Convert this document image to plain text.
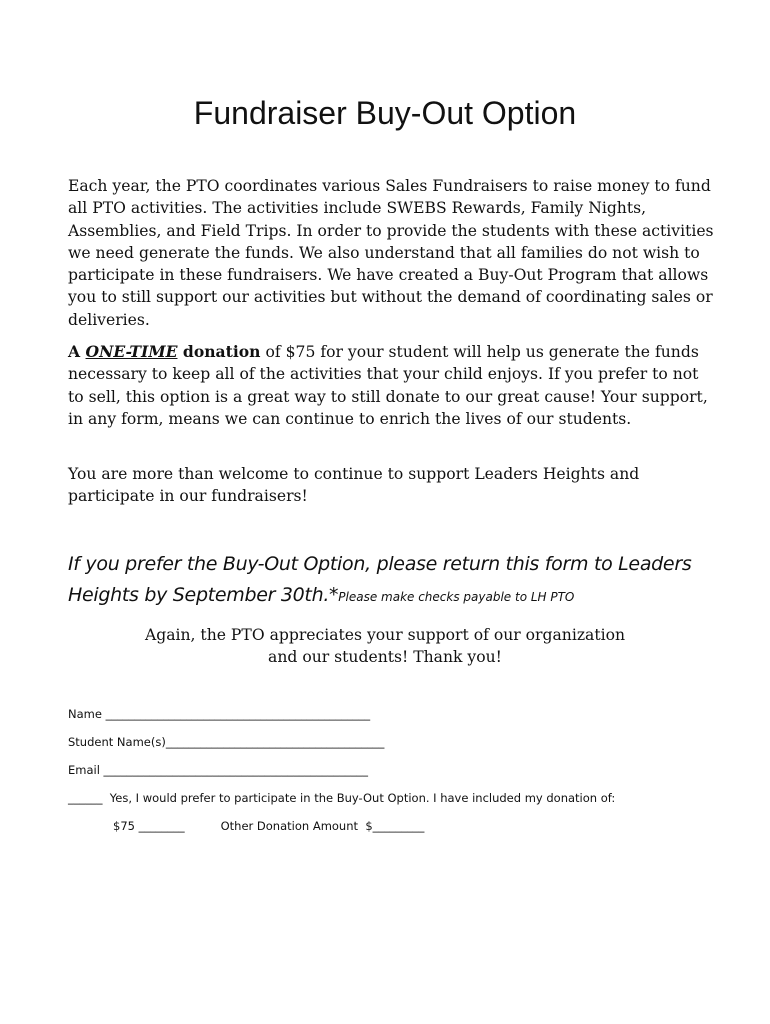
Fundraiser Buy-Out Option

Each year, the PTO coordinates various Sales Fundraisers to raise money to fund all PTO activities. The activities include SWEBS Rewards, Family Nights, Assemblies, and Field Trips. In order to provide the students with these activities we need generate the funds. We also understand that all families do not wish to participate in these fundraisers. We have created a Buy-Out Program that allows you to still support our activities but without the demand of coordinating sales or deliveries.

A ONE-TIME donation of $75 for your student will help us generate the funds necessary to keep all of the activities that your child enjoys. If you prefer to not to sell, this option is a great way to still donate to our great cause! Your support, in any form, means we can continue to enrich the lives of our students.

You are more than welcome to continue to support Leaders Heights and participate in our fundraisers!

If you prefer the Buy-Out Option, please return this form to Leaders Heights by September 30th.*Please make checks payable to LH PTO

Again, the PTO appreciates your support of our organization
and our students! Thank you!

Name ______________________________________________

Student Name(s)______________________________________

Email ______________________________________________

______  Yes, I would prefer to participate in the Buy-Out Option. I have included my donation of:

$75 ________	Other Donation Amount  $_________
